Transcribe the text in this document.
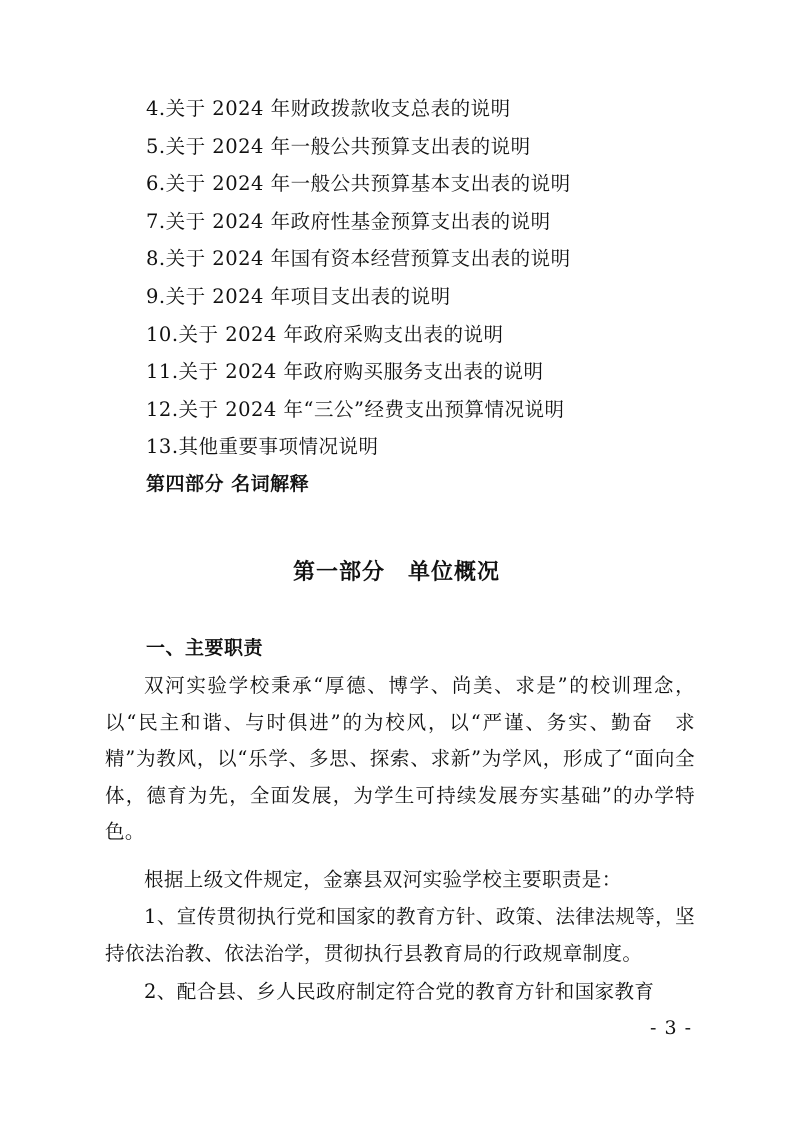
4.关于 2024 年财政拨款收支总表的说明
5.关于 2024 年一般公共预算支出表的说明
6.关于 2024 年一般公共预算基本支出表的说明
7.关于 2024 年政府性基金预算支出表的说明
8.关于 2024 年国有资本经营预算支出表的说明
9.关于 2024 年项目支出表的说明
10.关于 2024 年政府采购支出表的说明
11.关于 2024 年政府购买服务支出表的说明
12.关于 2024 年“三公”经费支出预算情况说明
13.其他重要事项情况说明
第四部分 名词解释
第一部分　单位概况
一、主要职责

双河实验学校秉承“厚德、博学、尚美、求是”的校训理念，以“民主和谐、与时俱进”的为校风，以“严谨、务实、勤奋　求精”为教风，以“乐学、多思、探索、求新”为学风，形成了“面向全体，德育为先，全面发展，为学生可持续发展夯实基础”的办学特色。

根据上级文件规定，金寨县双河实验学校主要职责是：

1、宣传贯彻执行党和国家的教育方针、政策、法律法规等，坚持依法治教、依法治学，贯彻执行县教育局的行政规章制度。

2、配合县、乡人民政府制定符合党的教育方针和国家教育

- 3 -
